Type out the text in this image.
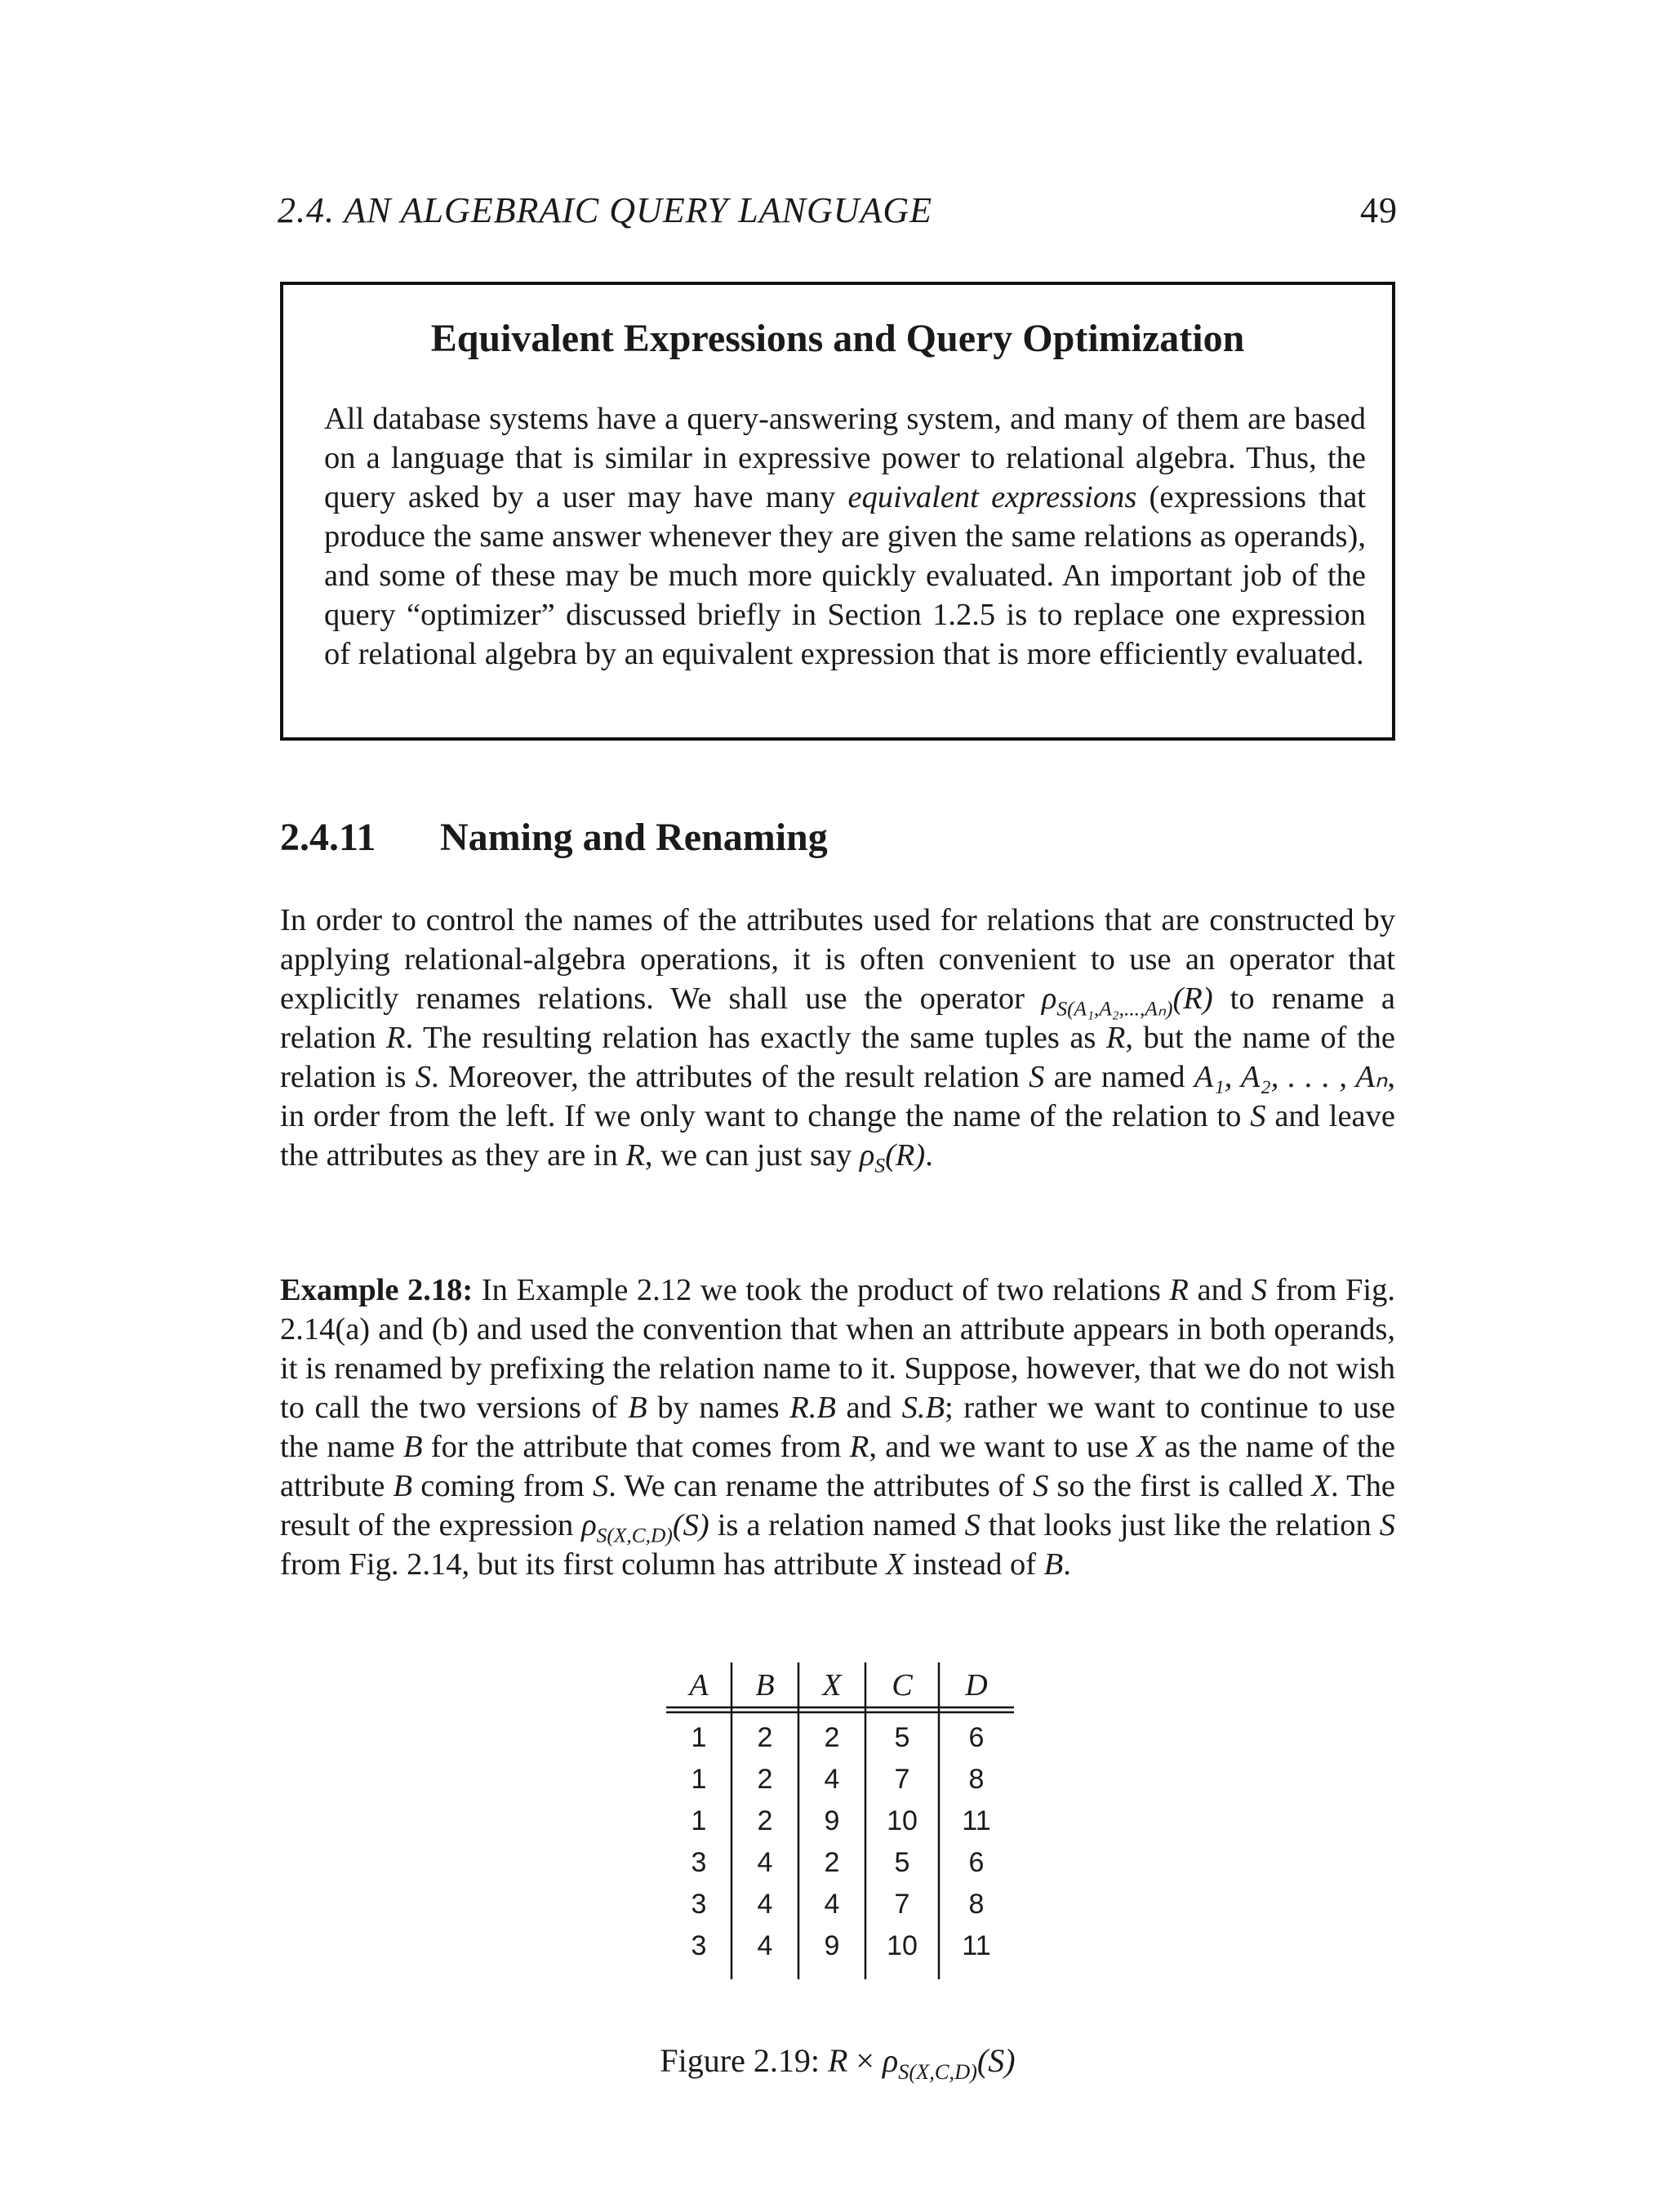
2.4. AN ALGEBRAIC QUERY LANGUAGE	49
Equivalent Expressions and Query Optimization

All database systems have a query-answering system, and many of them are based on a language that is similar in expressive power to relational algebra. Thus, the query asked by a user may have many equivalent expressions (expressions that produce the same answer whenever they are given the same relations as operands), and some of these may be much more quickly evaluated. An important job of the query “optimizer” discussed briefly in Section 1.2.5 is to replace one expression of relational algebra by an equivalent expression that is more efficiently evaluated.

2.4.11 Naming and Renaming

In order to control the names of the attributes used for relations that are constructed by applying relational-algebra operations, it is often convenient to use an operator that explicitly renames relations. We shall use the operator $\rho_{S(A_1,A_2,...,A_n)}(R)$ to rename a relation R. The resulting relation has exactly the same tuples as R, but the name of the relation is S. Moreover, the attributes of the result relation S are named A₁, A₂, . . . , Aₙ, in order from the left. If we only want to change the name of the relation to S and leave the attributes as they are in R, we can just say $\rho_S(R)$.

Example 2.18: In Example 2.12 we took the product of two relations R and S from Fig. 2.14(a) and (b) and used the convention that when an attribute appears in both operands, it is renamed by prefixing the relation name to it. Suppose, however, that we do not wish to call the two versions of B by names R.B and S.B; rather we want to continue to use the name B for the attribute that comes from R, and we want to use X as the name of the attribute B coming from S. We can rename the attributes of S so the first is called X. The result of the expression $\rho_{S(X,C,D)}(S)$ is a relation named S that looks just like the relation S from Fig. 2.14, but its first column has attribute X instead of B.

A	B	X	C	D
1	2	2	5	6
1	2	4	7	8
1	2	9	10	11
3	4	2	5	6
3	4	4	7	8
3	4	9	10	11
Figure 2.19: $R \times \rho_{S(X,C,D)}(S)$
